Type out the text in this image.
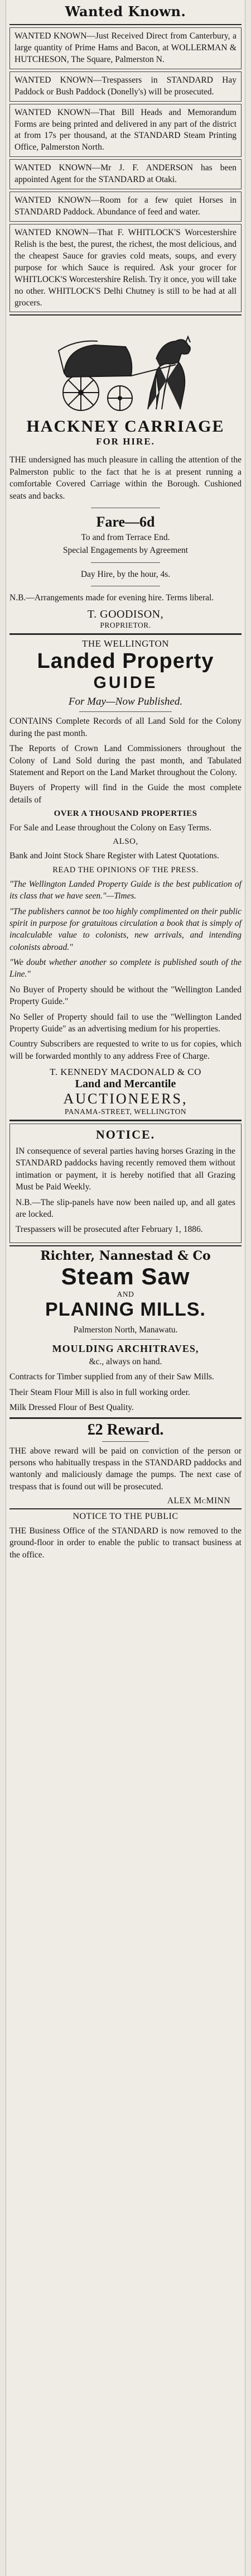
Wanted Known.
WANTED KNOWN—Just Received Direct from Canterbury, a large quantity of Prime Hams and Bacon, at WOLLERMAN & HUTCHESON, The Square, Palmerston N.
WANTED KNOWN—Trespassers in STANDARD Hay Paddock or Bush Paddock (Donelly's) will be prosecuted.
WANTED KNOWN—That Bill Heads and Memorandum Forms are being printed and delivered in any part of the district at from 17s per thousand, at the STANDARD Steam Printing Office, Palmerston North.
WANTED KNOWN—Mr J. F. ANDERSON has been appointed Agent for the STANDARD at Otaki.
WANTED KNOWN—Room for a few quiet Horses in STANDARD Paddock. Abundance of feed and water.
WANTED KNOWN—That F. WHITLOCK'S Worcestershire Relish is the best, the purest, the richest, the most delicious, and the cheapest Sauce for gravies cold meats, soups, and every purpose for which Sauce is required. Ask your grocer for WHITLOCK'S Worcestershire Relish. Try it once, you will take no other. WHITLOCK'S Delhi Chutney is still to be had at all grocers.
HACKNEY CARRIAGE
FOR HIRE.
THE undersigned has much pleasure in calling the attention of the Palmerston public to the fact that he is at present running a comfortable Covered Carriage within the Borough. Cushioned seats and backs.
Fare—6d
To and from Terrace End.
Special Engagements by Agreement
Day Hire, by the hour, 4s.
N.B.—Arrangements made for evening hire. Terms liberal.
T. GOODISON,
PROPRIETOR.
THE WELLINGTON
Landed Property
GUIDE
For May—Now Published.
CONTAINS Complete Records of all Land Sold for the Colony during the past month.
The Reports of Crown Land Commissioners throughout the Colony of Land Sold during the past month, and Tabulated Statement and Report on the Land Market throughout the Colony.
Buyers of Property will find in the Guide the most complete details of
OVER A THOUSAND PROPERTIES
For Sale and Lease throughout the Colony on Easy Terms.
ALSO,
Bank and Joint Stock Share Register with Latest Quotations.
READ THE OPINIONS OF THE PRESS.
"The Wellington Landed Property Guide is the best publication of its class that we have seen."—Times.
"The publishers cannot be too highly complimented on their public spirit in purpose for gratuitous circulation a book that is simply of incalculable value to colonists, new arrivals, and intending colonists abroad."
"We doubt whether another so complete is published south of the Line."
No Buyer of Property should be without the "Wellington Landed Property Guide."
No Seller of Property should fail to use the "Wellington Landed Property Guide" as an advertising medium for his properties.
Country Subscribers are requested to write to us for copies, which will be forwarded monthly to any address Free of Charge.
T. KENNEDY MACDONALD & CO
Land and Mercantile
AUCTIONEERS,
PANAMA-STREET, WELLINGTON
NOTICE.
IN consequence of several parties having horses Grazing in the STANDARD paddocks having recently removed them without intimation or payment, it is hereby notified that all Grazing Must be Paid Weekly.
N.B.—The slip-panels have now been nailed up, and all gates are locked.
Trespassers will be prosecuted after February 1, 1886.
Richter, Nannestad & Co
Steam Saw
AND
PLANING MILLS.
Palmerston North, Manawatu.
MOULDING ARCHITRAVES,
&c., always on hand.
Contracts for Timber supplied from any of their Saw Mills.
Their Steam Flour Mill is also in full working order.
Milk Dressed Flour of Best Quality.
£2 Reward.
THE above reward will be paid on conviction of the person or persons who habitually trespass in the STANDARD paddocks and wantonly and maliciously damage the pumps. The next case of trespass that is found out will be prosecuted.
ALEX McMINN
NOTICE TO THE PUBLIC
THE Business Office of the STANDARD is now removed to the ground-floor in order to enable the public to transact business at the office.
